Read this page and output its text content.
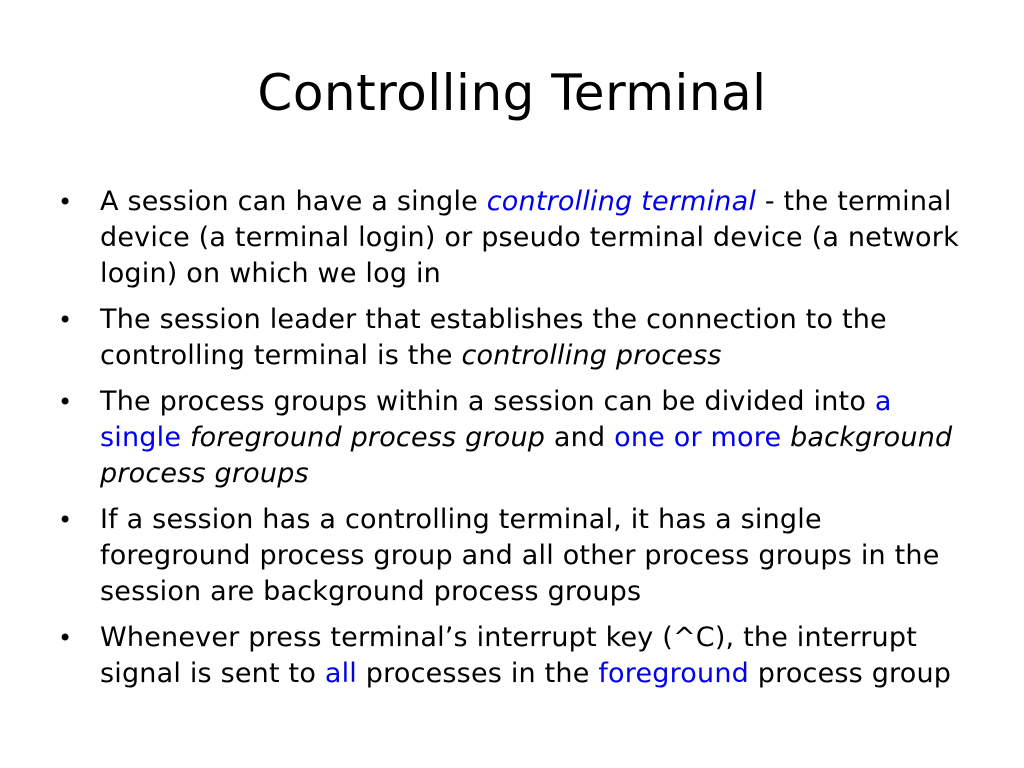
Controlling Terminal
• A session can have a single controlling terminal - the terminal device (a terminal login) or pseudo terminal device (a network login) on which we log in
• The session leader that establishes the connection to the controlling terminal is the controlling process
• The process groups within a session can be divided into a single foreground process group and one or more background process groups
• If a session has a controlling terminal, it has a single foreground process group and all other process groups in the session are background process groups
• Whenever press terminal’s interrupt key (^C), the interrupt signal is sent to all processes in the foreground process group
